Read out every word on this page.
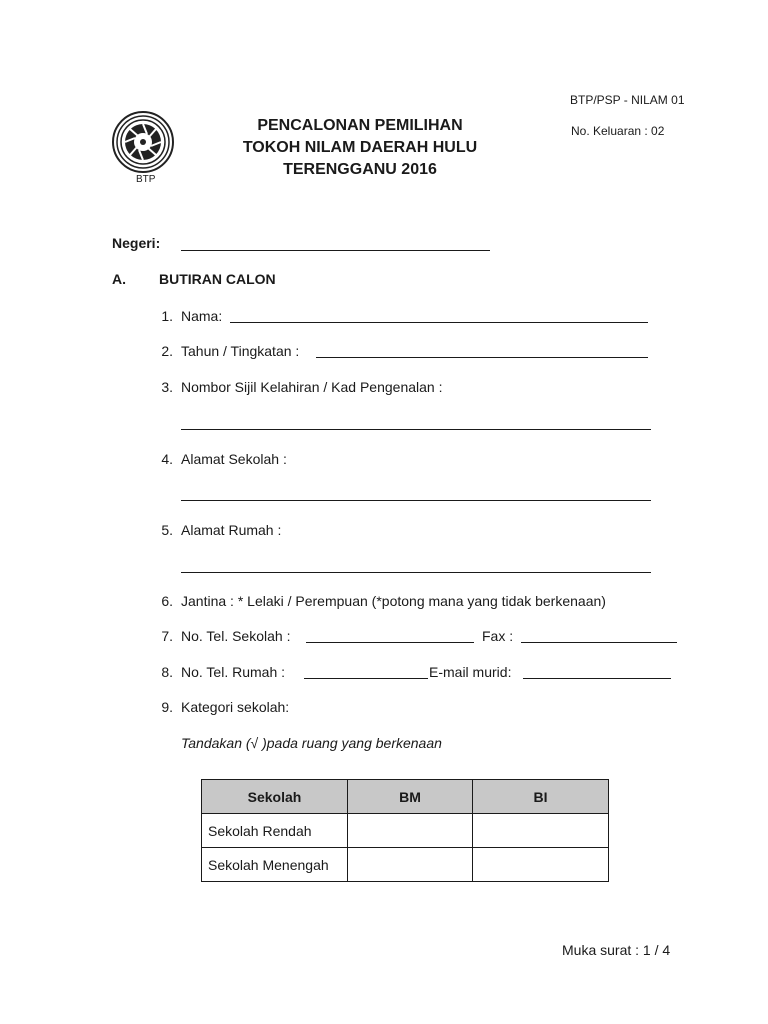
BTP/PSP - NILAM 01
No. Keluaran : 02
BTP
PENCALONAN PEMILIHAN
TOKOH NILAM DAERAH HULU
TERENGGANU 2016
Negeri:
A. BUTIRAN CALON
1. Nama:
2. Tahun / Tingkatan :
3. Nombor Sijil Kelahiran / Kad Pengenalan :
4. Alamat Sekolah :
5. Alamat Rumah :
6. Jantina : * Lelaki / Perempuan (*potong mana yang tidak berkenaan)
7. No. Tel. Sekolah :	Fax :
8. No. Tel. Rumah :	E-mail murid:
9. Kategori sekolah:
Tandakan (√ )pada ruang yang berkenaan
Sekolah	BM	BI
Sekolah Rendah		
Sekolah Menengah		
Muka surat : 1 / 4
